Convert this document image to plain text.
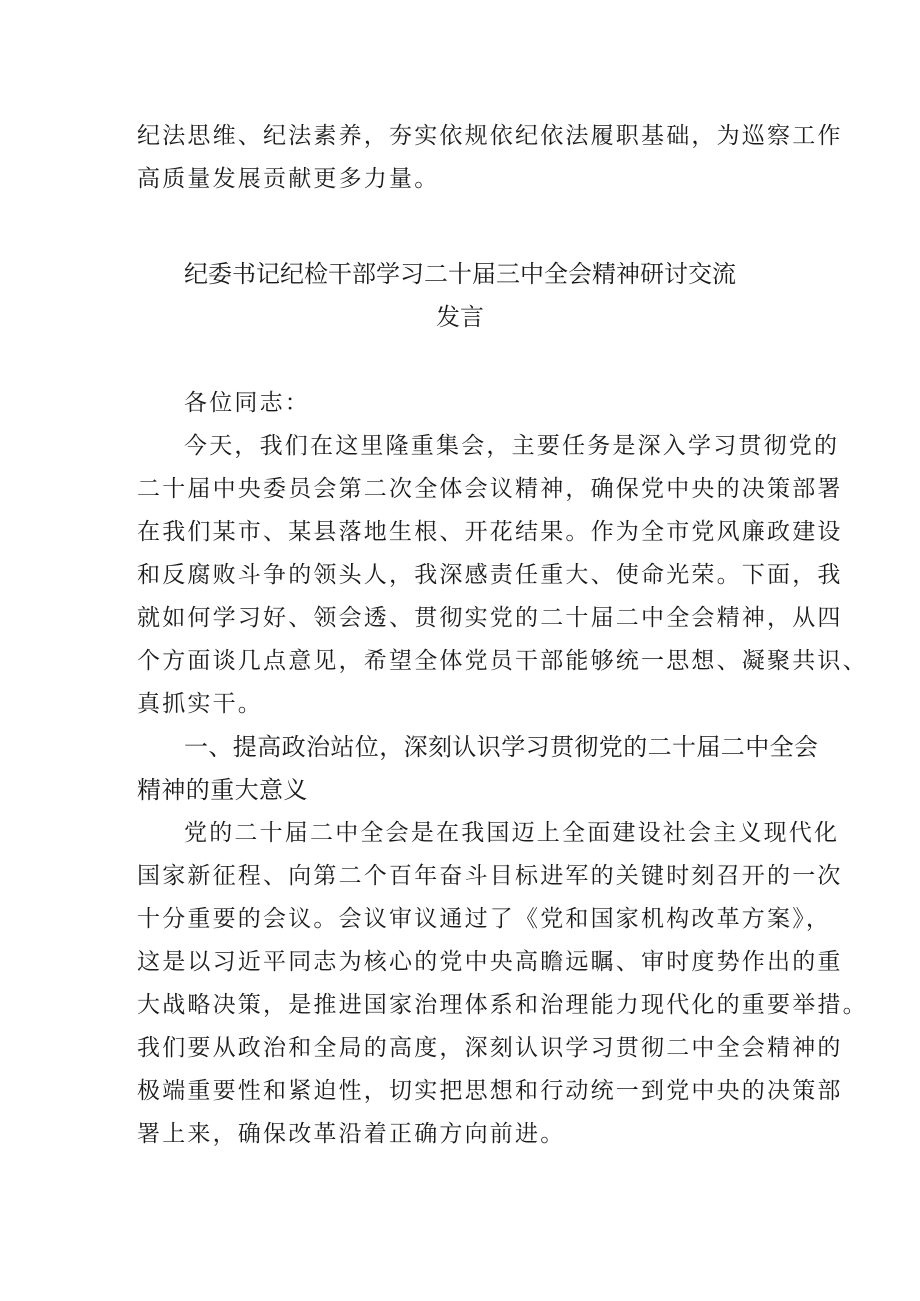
纪法思维、纪法素养，夯实依规依纪依法履职基础，为巡察工作
高质量发展贡献更多力量。
纪委书记纪检干部学习二十届三中全会精神研讨交流
发言
各位同志：
今天，我们在这里隆重集会，主要任务是深入学习贯彻党的
二十届中央委员会第二次全体会议精神，确保党中央的决策部署
在我们某市、某县落地生根、开花结果。作为全市党风廉政建设
和反腐败斗争的领头人，我深感责任重大、使命光荣。下面，我
就如何学习好、领会透、贯彻实党的二十届二中全会精神，从四
个方面谈几点意见，希望全体党员干部能够统一思想、凝聚共识、
真抓实干。
一、提高政治站位，深刻认识学习贯彻党的二十届二中全会
精神的重大意义
党的二十届二中全会是在我国迈上全面建设社会主义现代化
国家新征程、向第二个百年奋斗目标进军的关键时刻召开的一次
十分重要的会议。会议审议通过了《党和国家机构改革方案》，
这是以习近平同志为核心的党中央高瞻远瞩、审时度势作出的重
大战略决策，是推进国家治理体系和治理能力现代化的重要举措。
我们要从政治和全局的高度，深刻认识学习贯彻二中全会精神的
极端重要性和紧迫性，切实把思想和行动统一到党中央的决策部
署上来，确保改革沿着正确方向前进。
